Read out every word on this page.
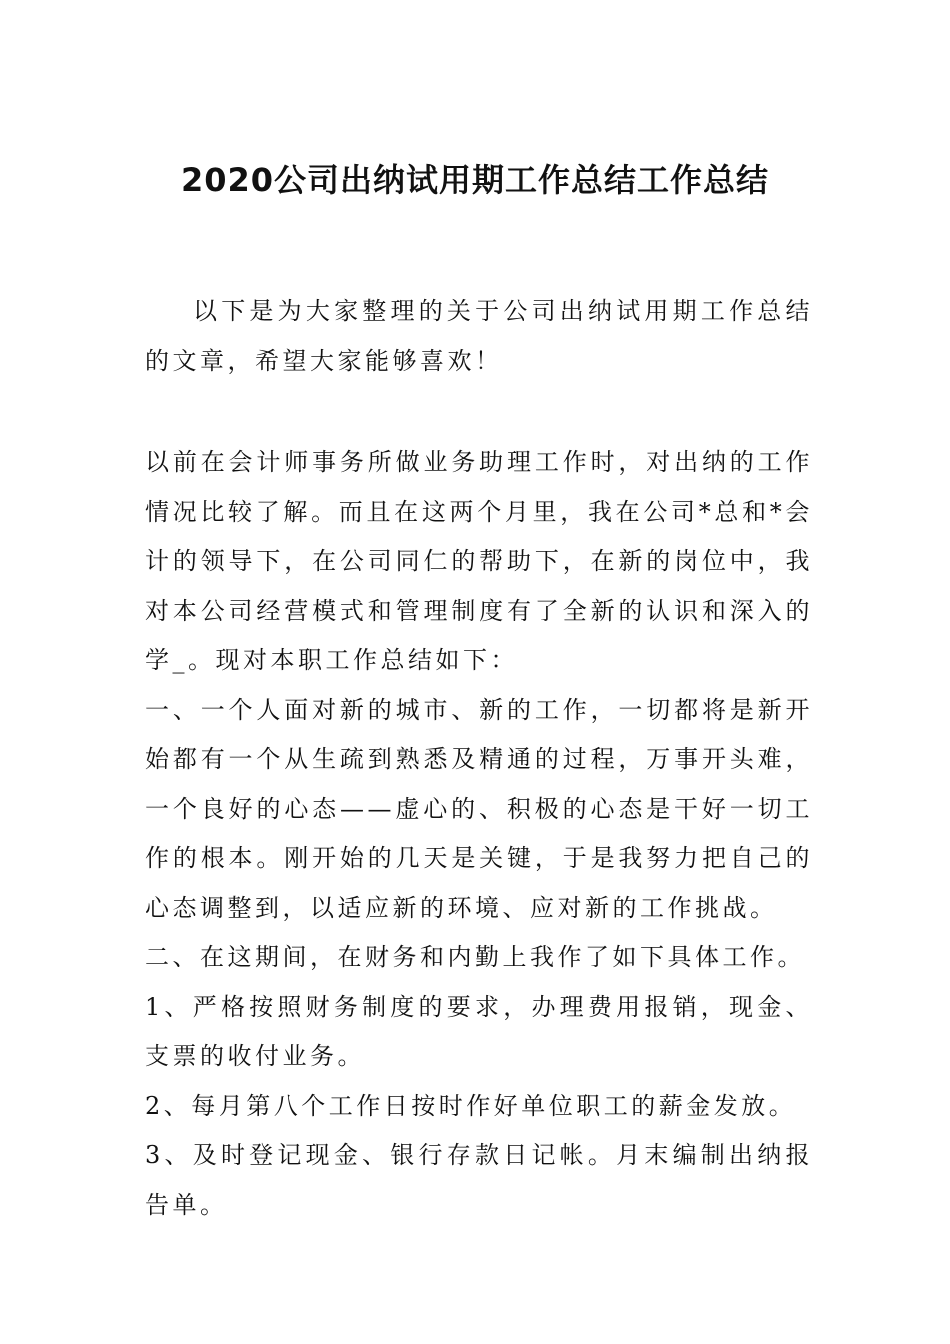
2020公司出纳试用期工作总结工作总结

以下是为大家整理的关于公司出纳试用期工作总结的文章，希望大家能够喜欢！

以前在会计师事务所做业务助理工作时，对出纳的工作情况比较了解。而且在这两个月里，我在公司*总和*会计的领导下，在公司同仁的帮助下，在新的岗位中，我对本公司经营模式和管理制度有了全新的认识和深入的学_。现对本职工作总结如下：

一、一个人面对新的城市、新的工作，一切都将是新开始都有一个从生疏到熟悉及精通的过程，万事开头难，一个良好的心态——虚心的、积极的心态是干好一切工作的根本。刚开始的几天是关键，于是我努力把自己的心态调整到，以适应新的环境、应对新的工作挑战。

二、在这期间，在财务和内勤上我作了如下具体工作。

1、严格按照财务制度的要求，办理费用报销，现金、支票的收付业务。

2、每月第八个工作日按时作好单位职工的薪金发放。

3、及时登记现金、银行存款日记帐。月末编制出纳报告单。
